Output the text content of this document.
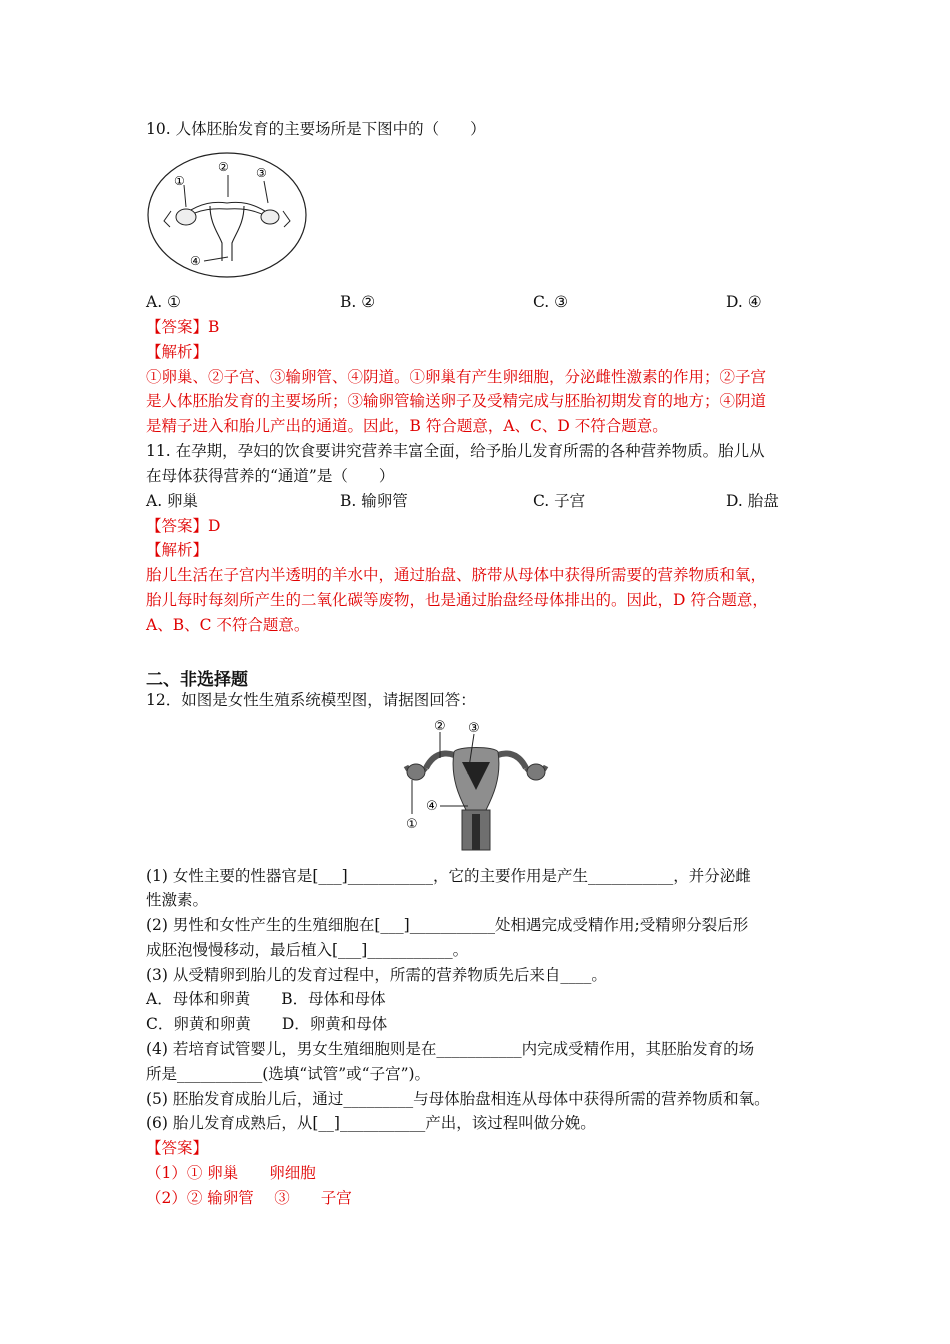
10. 人体胚胎发育的主要场所是下图中的（　　）
②
①
③
④
A. ①	B. ②	C. ③	D. ④
【答案】B
【解析】
①卵巢、②子宫、③输卵管、④阴道。①卵巢有产生卵细胞，分泌雌性激素的作用；②子宫
是人体胚胎发育的主要场所；③输卵管输送卵子及受精完成与胚胎初期发育的地方；④阴道
是精子进入和胎儿产出的通道。因此，B 符合题意，A、C、D 不符合题意。
11. 在孕期，孕妇的饮食要讲究营养丰富全面，给予胎儿发育所需的各种营养物质。胎儿从
在母体获得营养的“通道”是（　　）
A. 卵巢	B. 输卵管	C. 子宫	D. 胎盘
【答案】D
【解析】
胎儿生活在子宫内半透明的羊水中，通过胎盘、脐带从母体中获得所需要的营养物质和氧，
胎儿每时每刻所产生的二氧化碳等废物，也是通过胎盘经母体排出的。因此，D 符合题意，
A、B、C 不符合题意。
二、非选择题
12．如图是女性生殖系统模型图，请据图回答：
② ③
④
①
(1) 女性主要的性器官是[___]___________，它的主要作用是产生___________，并分泌雌
性激素。
(2) 男性和女性产生的生殖细胞在[___]___________处相遇完成受精作用;受精卵分裂后形
成胚泡慢慢移动，最后植入[___]___________。
(3) 从受精卵到胎儿的发育过程中，所需的营养物质先后来自____。
A．母体和卵黄　　B．母体和母体
C．卵黄和卵黄　　D．卵黄和母体
(4) 若培育试管婴儿，男女生殖细胞则是在___________内完成受精作用，其胚胎发育的场
所是___________(选填“试管”或“子宫”)。
(5) 胚胎发育成胎儿后，通过_________与母体胎盘相连从母体中获得所需的营养物质和氧。
(6) 胎儿发育成熟后，从[__]___________产出，该过程叫做分娩。
【答案】
（1）① 卵巢　　卵细胞
（2）② 输卵管　 ③　　子宫
